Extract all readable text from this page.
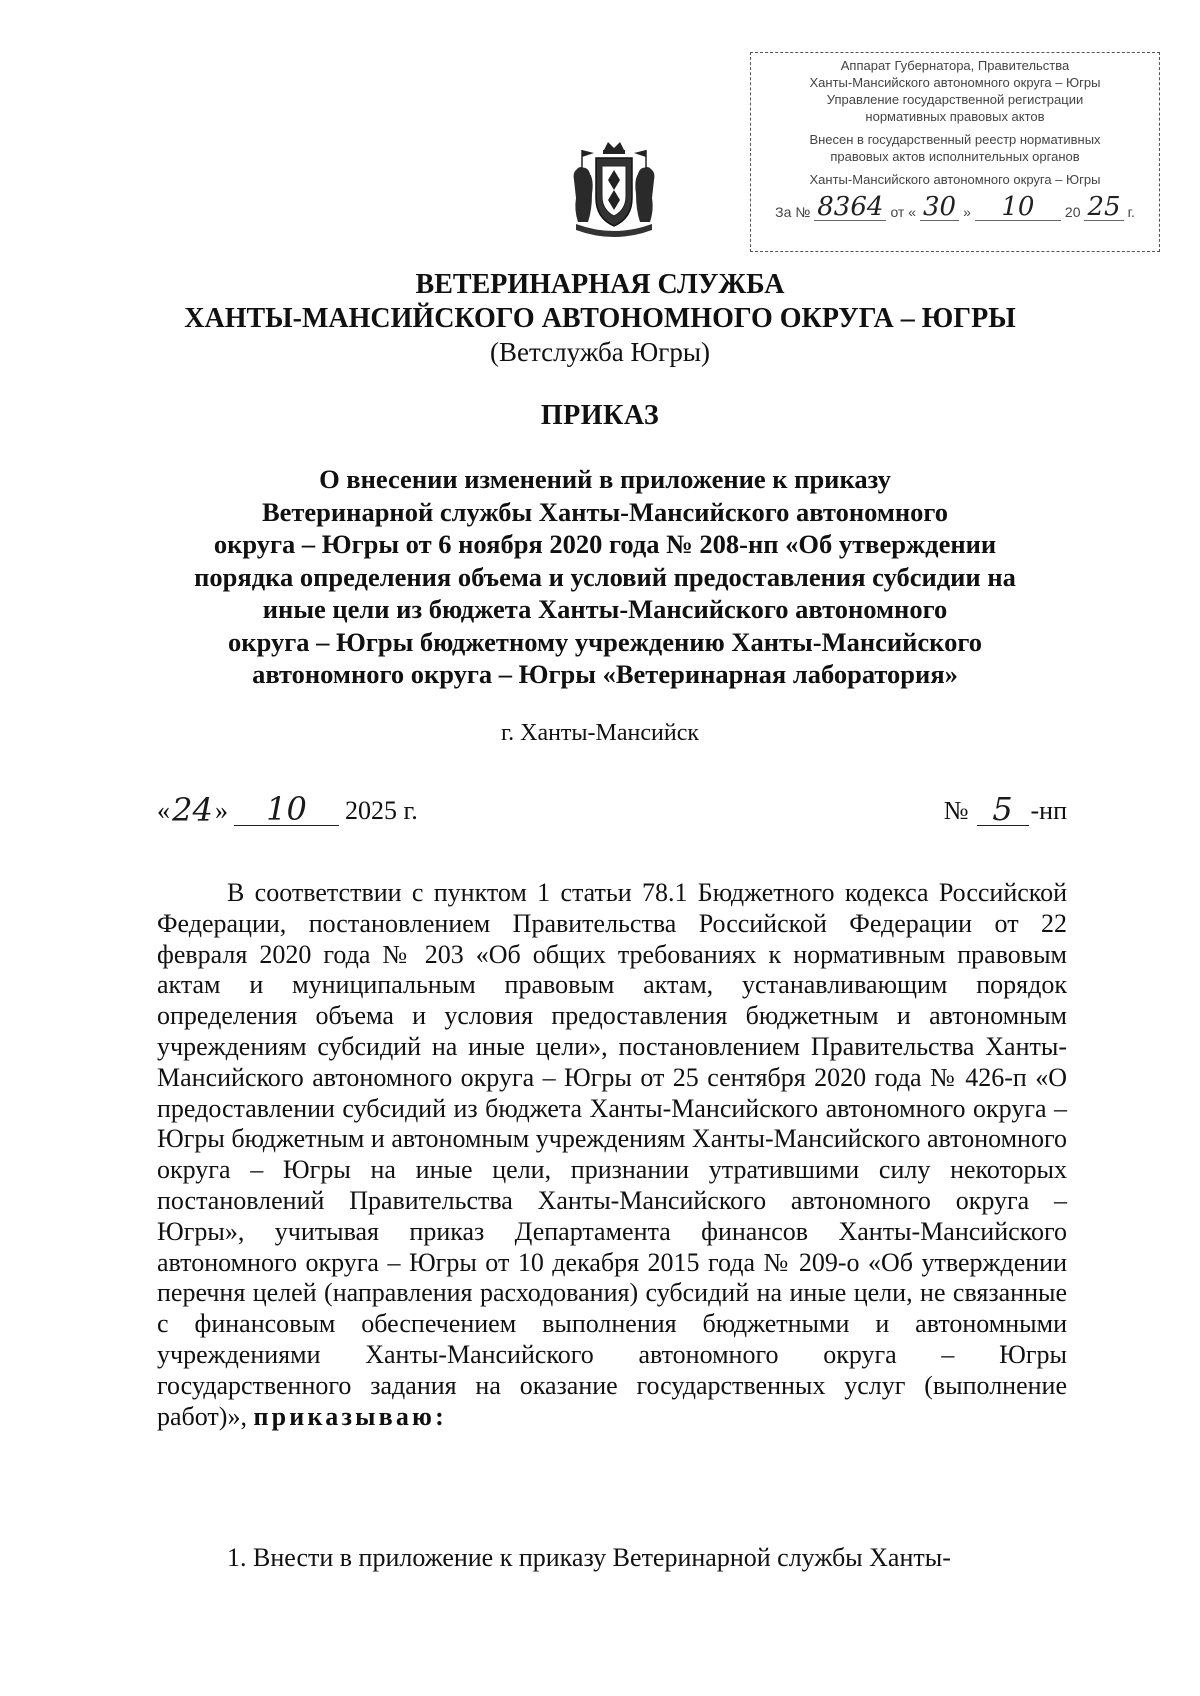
Аппарат Губернатора, Правительства
Ханты-Мансийского автономного округа – Югры
Управление государственной регистрации
нормативных правовых актов
Внесен в государственный реестр нормативных
правовых актов исполнительных органов
Ханты-Мансийского автономного округа – Югры
За № 8364 от « 30 »	10	20 25 г.
ВЕТЕРИНАРНАЯ СЛУЖБА
ХАНТЫ-МАНСИЙСКОГО АВТОНОМНОГО ОКРУГА – ЮГРЫ
(Ветслужба Югры)
ПРИКАЗ
О внесении изменений в приложение к приказу
Ветеринарной службы Ханты-Мансийского автономного
округа – Югры от 6 ноября 2020 года № 208-нп «Об утверждении
порядка определения объема и условий предоставления субсидии на
иные цели из бюджета Ханты-Мансийского автономного
округа – Югры бюджетному учреждению Ханты-Мансийского
автономного округа – Югры «Ветеринарная лаборатория»
г. Ханты-Мансийск
« 24 »	10	2025 г.	№ 5 -нп
В соответствии с пунктом 1 статьи 78.1 Бюджетного кодекса Российской Федерации, постановлением Правительства Российской Федерации от 22 февраля 2020 года № 203 «Об общих требованиях к нормативным правовым актам и муниципальным правовым актам, устанавливающим порядок определения объема и условия предоставления бюджетным и автономным учреждениям субсидий на иные цели», постановлением Правительства Ханты-Мансийского автономного округа – Югры от 25 сентября 2020 года № 426-п «О предоставлении субсидий из бюджета Ханты-Мансийского автономного округа – Югры бюджетным и автономным учреждениям Ханты-Мансийского автономного округа – Югры на иные цели, признании утратившими силу некоторых постановлений Правительства Ханты-Мансийского автономного округа – Югры», учитывая приказ Департамента финансов Ханты-Мансийского автономного округа – Югры от 10 декабря 2015 года № 209-о «Об утверждении перечня целей (направления расходования) субсидий на иные цели, не связанные с финансовым обеспечением выполнения бюджетными и автономными учреждениями Ханты-Мансийского автономного округа – Югры государственного задания на оказание государственных услуг (выполнение работ)», приказываю:
1. Внести в приложение к приказу Ветеринарной службы Ханты-
